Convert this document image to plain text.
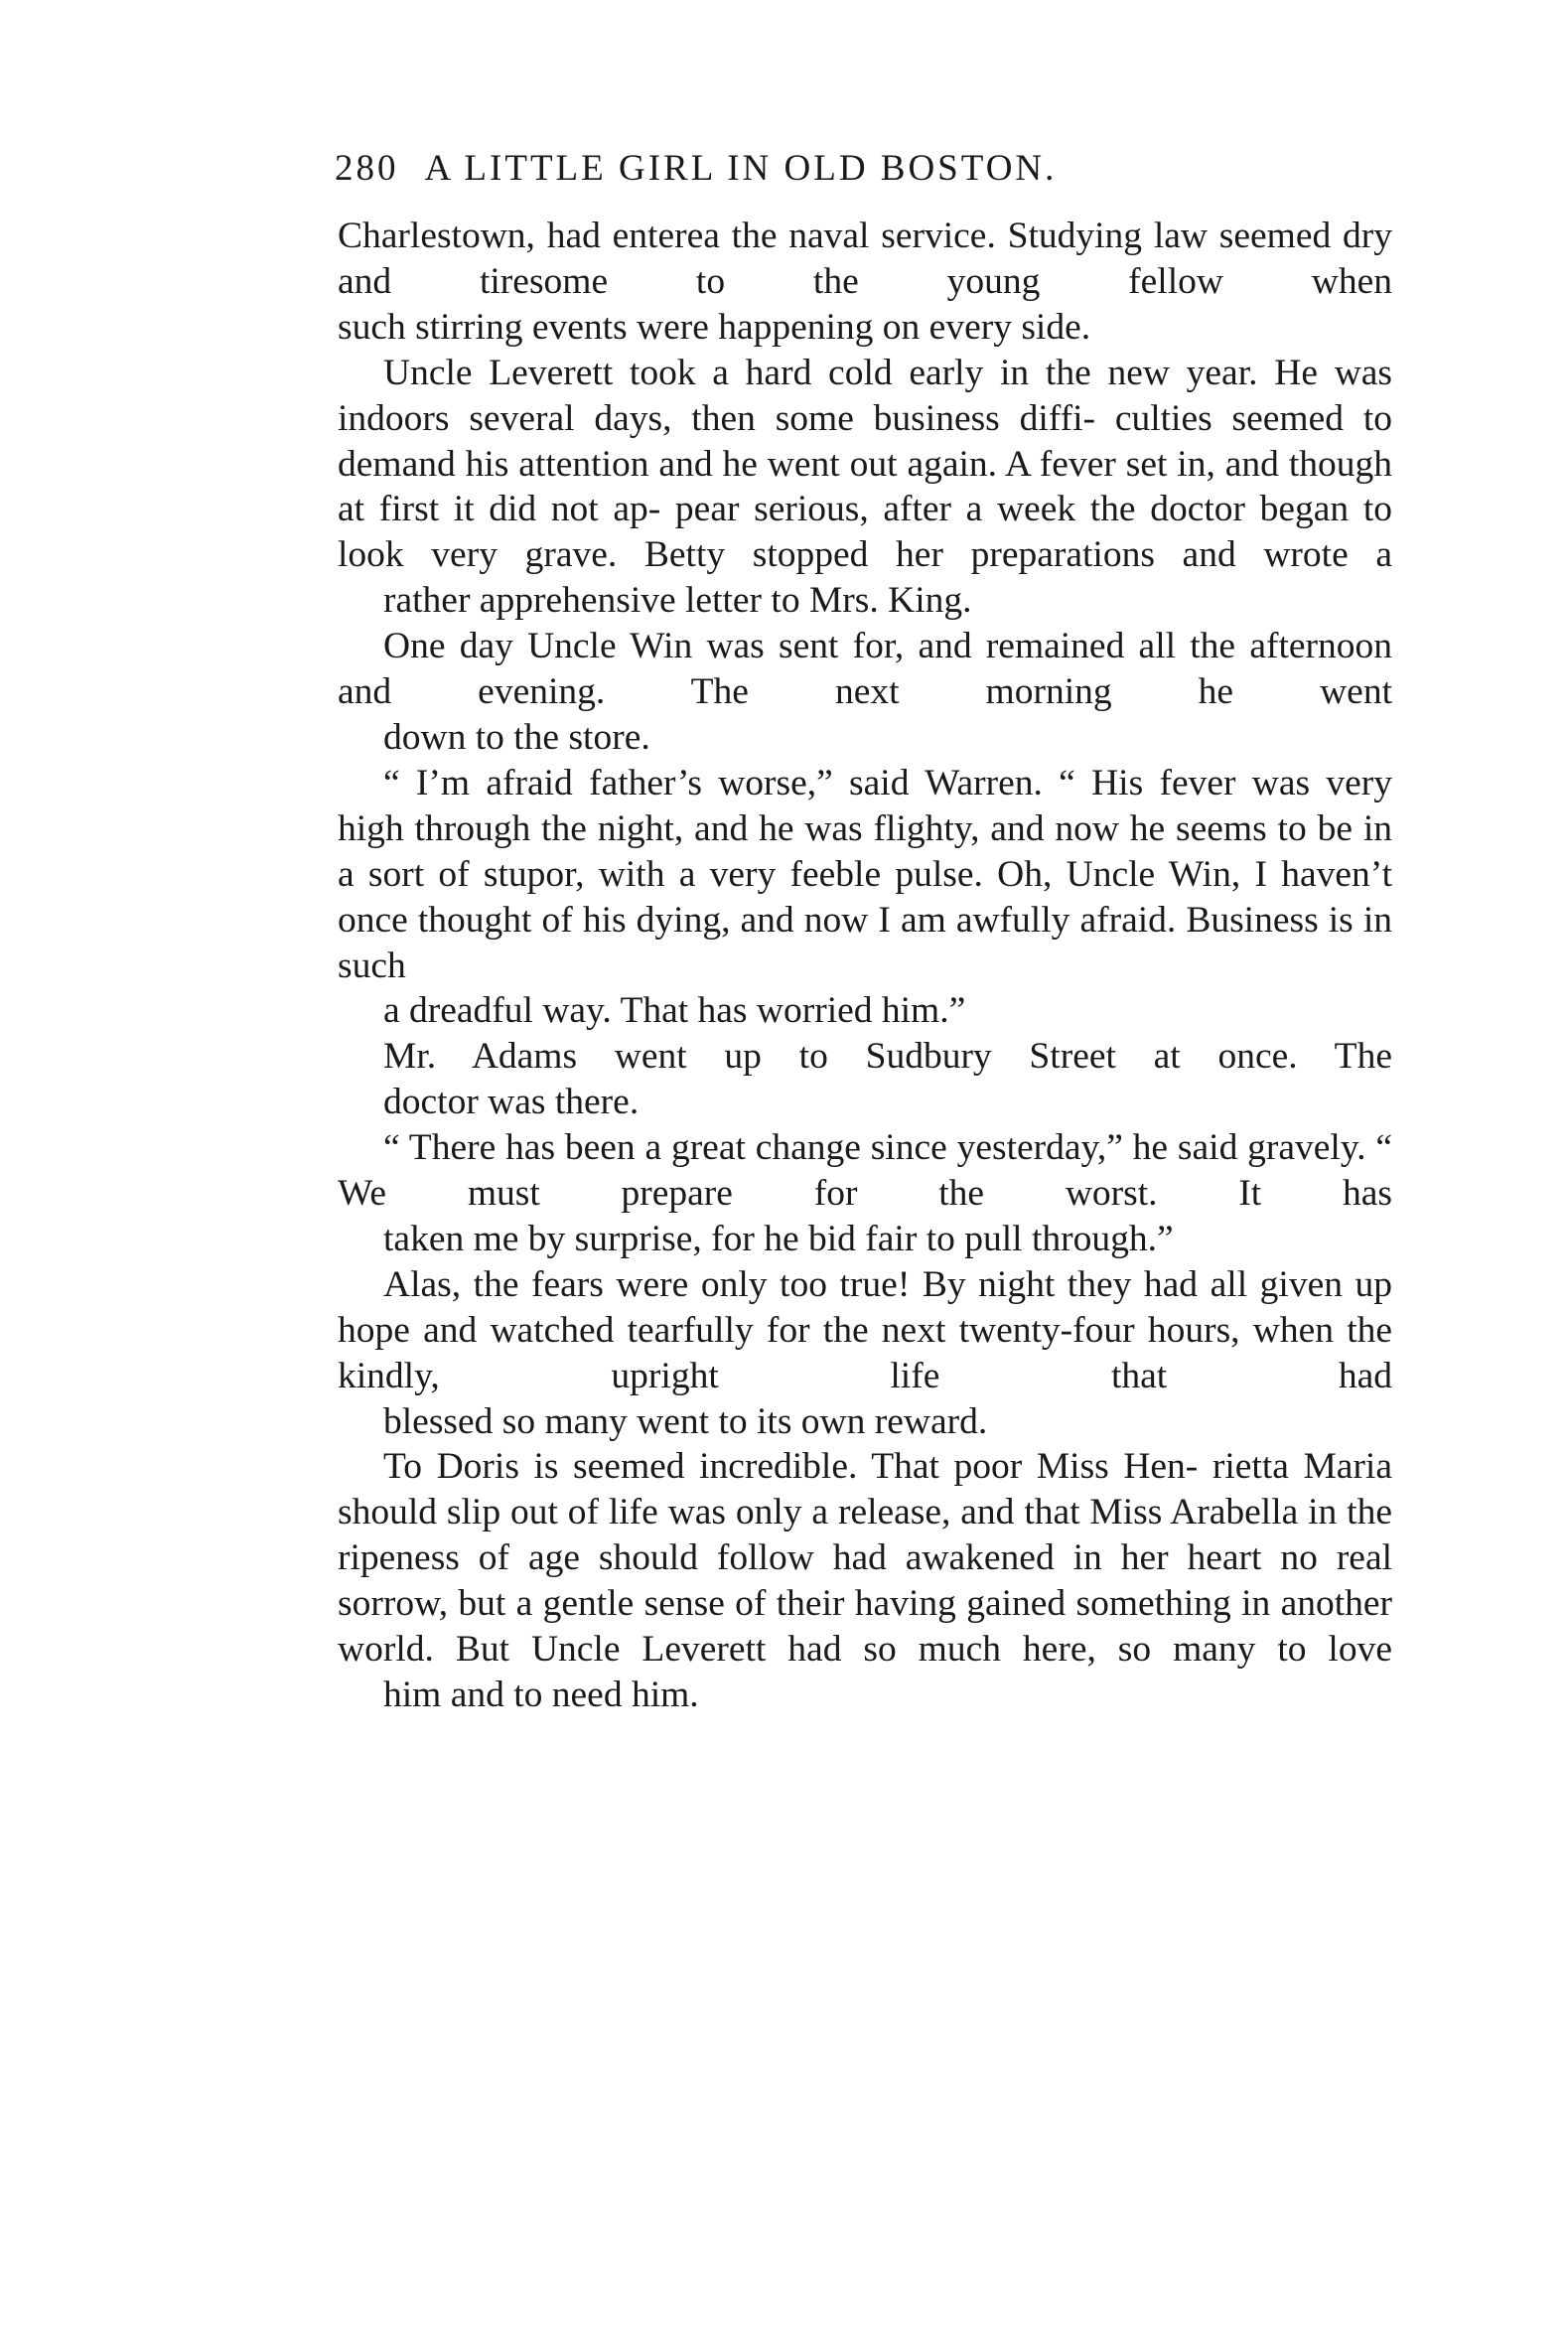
280 A LITTLE GIRL IN OLD BOSTON.

Charlestown, had enterea the naval service. Studying law seemed dry and tiresome to the young fellow when
such stirring events were happening on every side.

Uncle Leverett took a hard cold early in the new year. He was indoors several days, then some business diffi- culties seemed to demand his attention and he went out again. A fever set in, and though at first it did not ap- pear serious, after a week the doctor began to look very grave. Betty stopped her preparations and wrote a
rather apprehensive letter to Mrs. King.

One day Uncle Win was sent for, and remained all the afternoon and evening. The next morning he went
down to the store.

“ I’m afraid father’s worse,” said Warren. “ His fever was very high through the night, and he was flighty, and now he seems to be in a sort of stupor, with a very feeble pulse. Oh, Uncle Win, I haven’t once thought of his dying, and now I am awfully afraid. Business is in such
a dreadful way. That has worried him.”

Mr. Adams went up to Sudbury Street at once. The
doctor was there.

“ There has been a great change since yesterday,” he said gravely. “ We must prepare for the worst. It has
taken me by surprise, for he bid fair to pull through.”

Alas, the fears were only too true! By night they had all given up hope and watched tearfully for the next twenty-four hours, when the kindly, upright life that had
blessed so many went to its own reward.

To Doris is seemed incredible. That poor Miss Hen- rietta Maria should slip out of life was only a release, and that Miss Arabella in the ripeness of age should follow had awakened in her heart no real sorrow, but a gentle sense of their having gained something in another world. But Uncle Leverett had so much here, so many to love
him and to need him.
